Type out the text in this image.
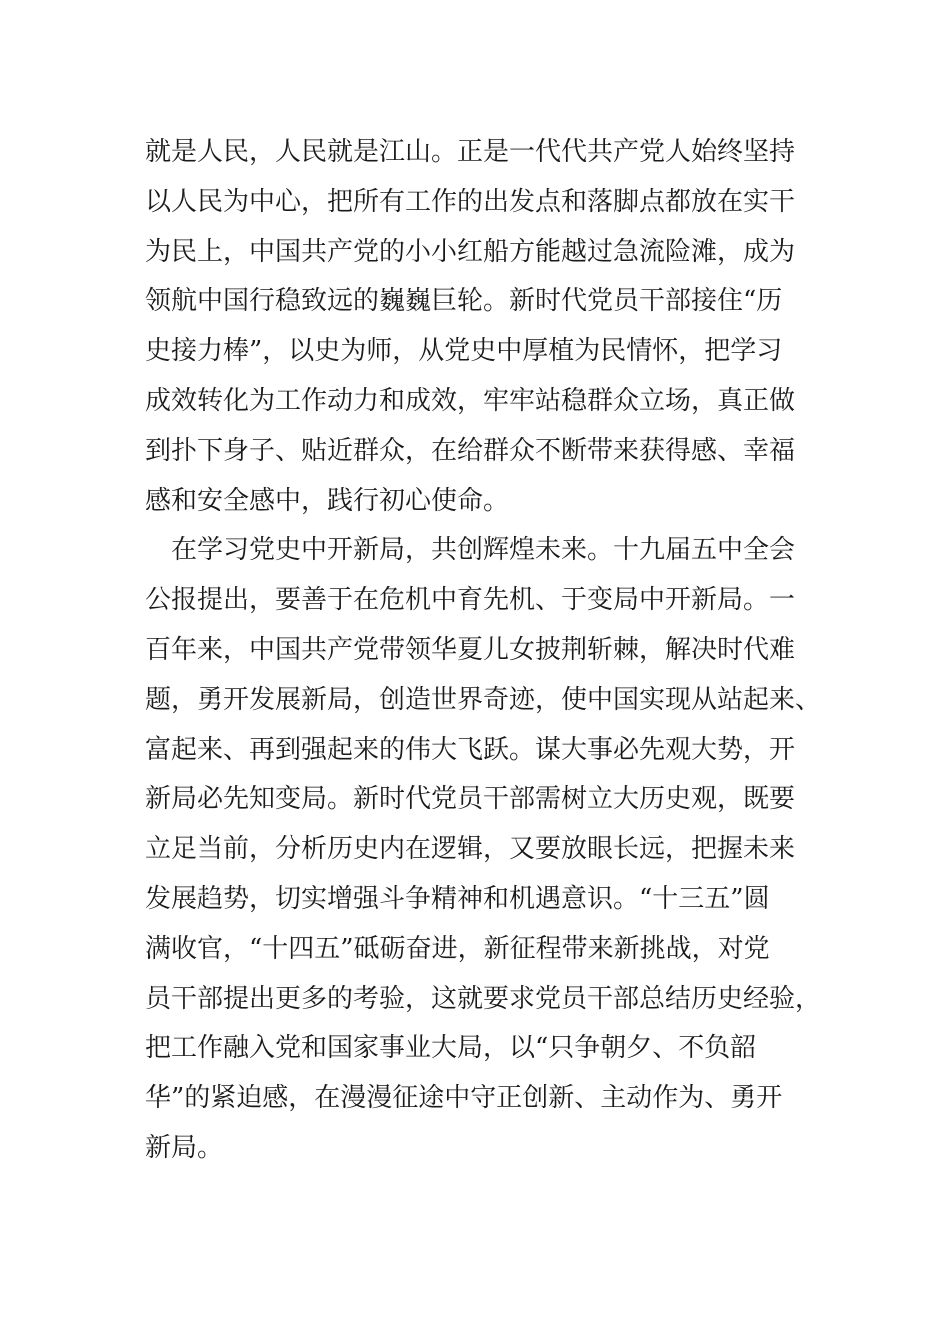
就是人民，人民就是江山。正是一代代共产党人始终坚持
以人民为中心，把所有工作的出发点和落脚点都放在实干
为民上，中国共产党的小小红船方能越过急流险滩，成为
领航中国行稳致远的巍巍巨轮。新时代党员干部接住“历
史接力棒”，以史为师，从党史中厚植为民情怀，把学习
成效转化为工作动力和成效，牢牢站稳群众立场，真正做
到扑下身子、贴近群众，在给群众不断带来获得感、幸福
感和安全感中，践行初心使命。
　在学习党史中开新局，共创辉煌未来。十九届五中全会
公报提出，要善于在危机中育先机、于变局中开新局。一
百年来，中国共产党带领华夏儿女披荆斩棘，解决时代难
题，勇开发展新局，创造世界奇迹，使中国实现从站起来、
富起来、再到强起来的伟大飞跃。谋大事必先观大势，开
新局必先知变局。新时代党员干部需树立大历史观，既要
立足当前，分析历史内在逻辑，又要放眼长远，把握未来
发展趋势，切实增强斗争精神和机遇意识。“十三五”圆
满收官，“十四五”砥砺奋进，新征程带来新挑战，对党
员干部提出更多的考验，这就要求党员干部总结历史经验，
把工作融入党和国家事业大局，以“只争朝夕、不负韶
华”的紧迫感，在漫漫征途中守正创新、主动作为、勇开
新局。
